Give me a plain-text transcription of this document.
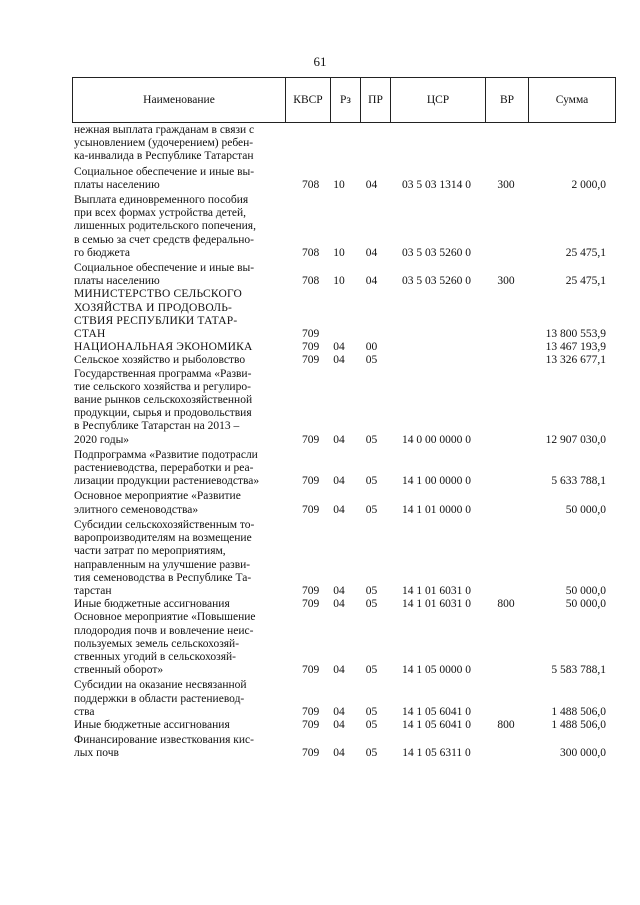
61
Наименование	КВСР	Рз	ПР	ЦСР	ВР	Сумма
нежная выплата гражданам в связи с
усыновлением (удочерением) ребен-
ка-инвалида в Республике Татарстан
Социальное обеспечение и иные вы-
платы населению	708	10	04	03 5 03 1314 0	300	2 000,0
Выплата единовременного пособия
при всех формах устройства детей,
лишенных родительского попечения,
в семью за счет средств федерально-
го бюджета	708	10	04	03 5 03 5260 0	25 475,1
Социальное обеспечение и иные вы-
платы населению	708	10	04	03 5 03 5260 0	300	25 475,1
МИНИСТЕРСТВО СЕЛЬСКОГО
ХОЗЯЙСТВА И ПРОДОВОЛЬ-
СТВИЯ РЕСПУБЛИКИ ТАТАР-
СТАН	709	13 800 553,9
НАЦИОНАЛЬНАЯ ЭКОНОМИКА	709	04	00	13 467 193,9
Сельское хозяйство и рыболовство	709	04	05	13 326 677,1
Государственная программа «Разви-
тие сельского хозяйства и регулиро-
вание рынков сельскохозяйственной
продукции, сырья и продовольствия
в Республике Татарстан на 2013 –
2020 годы»	709	04	05	14 0 00 0000 0	12 907 030,0
Подпрограмма «Развитие подотрасли
растениеводства, переработки и реа-
лизации продукции растениеводства»	709	04	05	14 1 00 0000 0	5 633 788,1
Основное мероприятие «Развитие
элитного семеноводства»	709	04	05	14 1 01 0000 0	50 000,0
Субсидии сельскохозяйственным то-
варопроизводителям на возмещение
части затрат по мероприятиям,
направленным на улучшение разви-
тия семеноводства в Республике Та-
тарстан	709	04	05	14 1 01 6031 0	50 000,0
Иные бюджетные ассигнования	709	04	05	14 1 01 6031 0	800	50 000,0
Основное мероприятие «Повышение
плодородия почв и вовлечение неис-
пользуемых земель сельскохозяй-
ственных угодий в сельскохозяй-
ственный оборот»	709	04	05	14 1 05 0000 0	5 583 788,1
Субсидии на оказание несвязанной
поддержки в области растениевод-
ства	709	04	05	14 1 05 6041 0	1 488 506,0
Иные бюджетные ассигнования	709	04	05	14 1 05 6041 0	800	1 488 506,0
Финансирование известкования кис-
лых почв	709	04	05	14 1 05 6311 0	300 000,0
